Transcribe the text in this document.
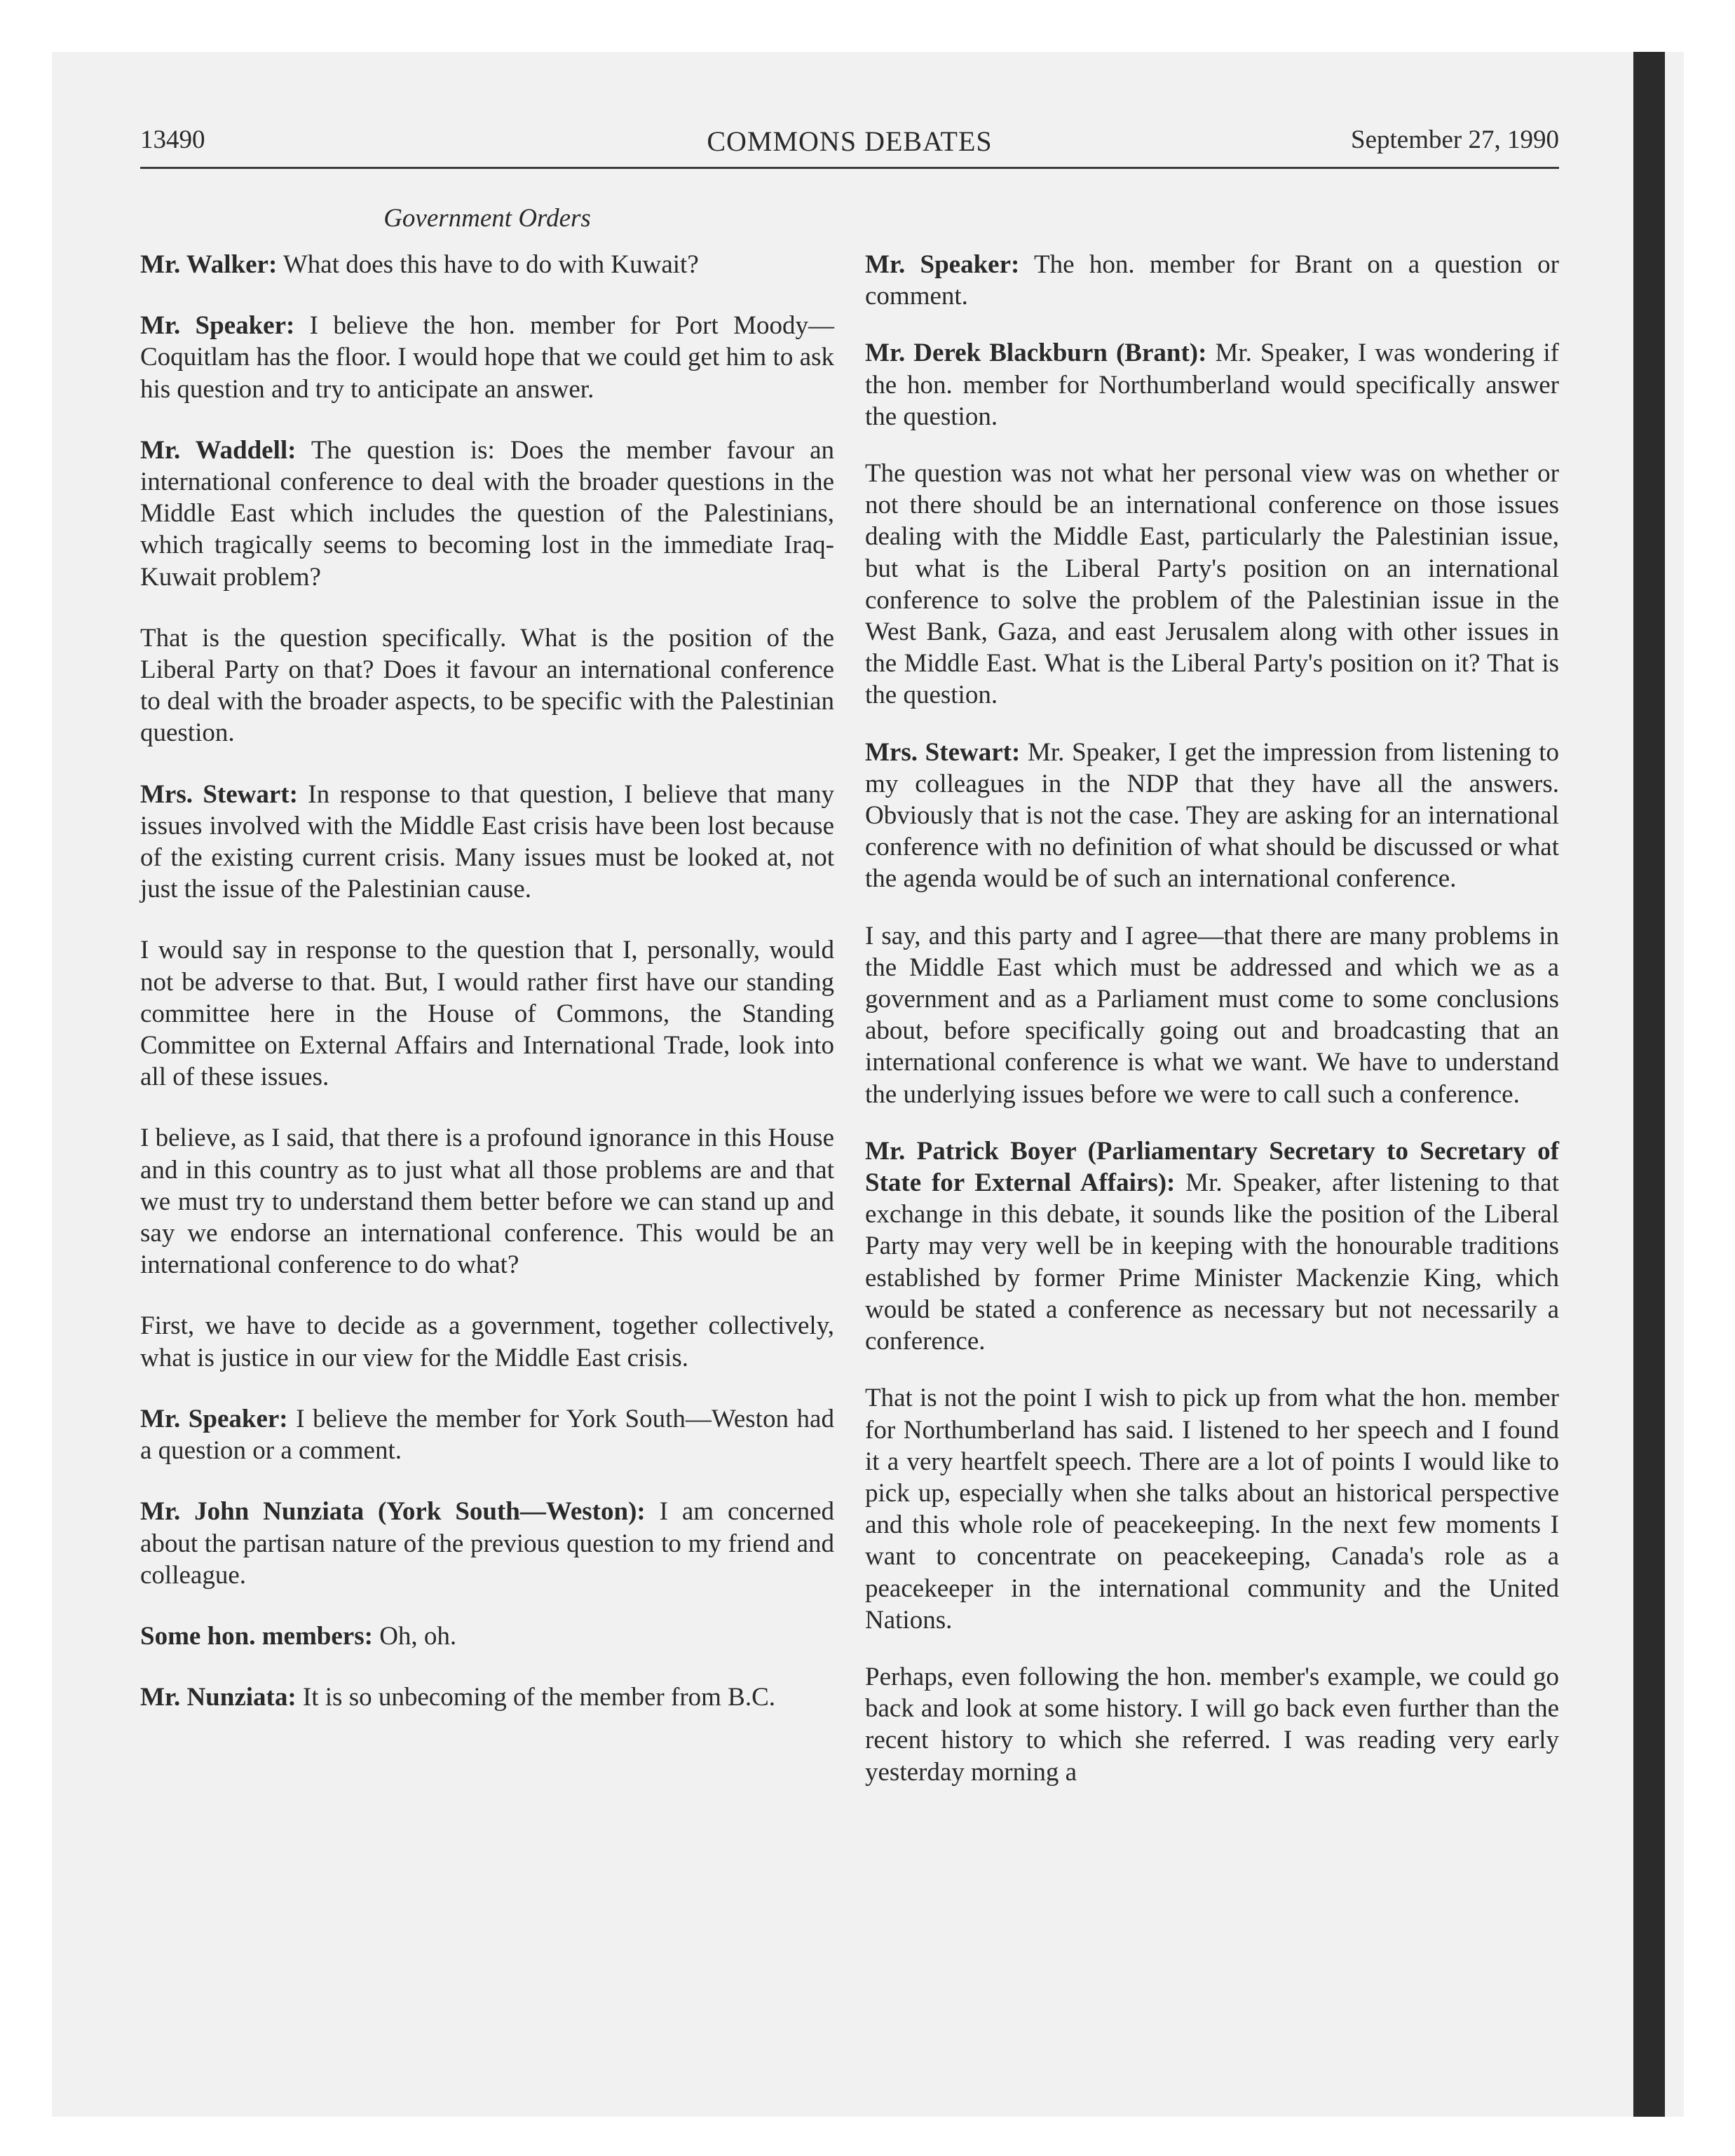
13490	COMMONS DEBATES	September 27, 1990
Government Orders

Mr. Walker: What does this have to do with Kuwait?

Mr. Speaker: I believe the hon. member for Port Moody—Coquitlam has the floor. I would hope that we could get him to ask his question and try to anticipate an answer.

Mr. Waddell: The question is: Does the member favour an international conference to deal with the broader questions in the Middle East which includes the question of the Palestinians, which tragically seems to becoming lost in the immediate Iraq-Kuwait problem?

That is the question specifically. What is the position of the Liberal Party on that? Does it favour an international conference to deal with the broader aspects, to be specific with the Palestinian question.

Mrs. Stewart: In response to that question, I believe that many issues involved with the Middle East crisis have been lost because of the existing current crisis. Many issues must be looked at, not just the issue of the Palestinian cause.

I would say in response to the question that I, personally, would not be adverse to that. But, I would rather first have our standing committee here in the House of Commons, the Standing Committee on External Affairs and International Trade, look into all of these issues.

I believe, as I said, that there is a profound ignorance in this House and in this country as to just what all those problems are and that we must try to understand them better before we can stand up and say we endorse an international conference. This would be an international conference to do what?

First, we have to decide as a government, together collectively, what is justice in our view for the Middle East crisis.

Mr. Speaker: I believe the member for York South—Weston had a question or a comment.

Mr. John Nunziata (York South—Weston): I am concerned about the partisan nature of the previous question to my friend and colleague.

Some hon. members: Oh, oh.

Mr. Nunziata: It is so unbecoming of the member from B.C.

Mr. Speaker: The hon. member for Brant on a question or comment.

Mr. Derek Blackburn (Brant): Mr. Speaker, I was wondering if the hon. member for Northumberland would specifically answer the question.

The question was not what her personal view was on whether or not there should be an international conference on those issues dealing with the Middle East, particularly the Palestinian issue, but what is the Liberal Party's position on an international conference to solve the problem of the Palestinian issue in the West Bank, Gaza, and east Jerusalem along with other issues in the Middle East. What is the Liberal Party's position on it? That is the question.

Mrs. Stewart: Mr. Speaker, I get the impression from listening to my colleagues in the NDP that they have all the answers. Obviously that is not the case. They are asking for an international conference with no definition of what should be discussed or what the agenda would be of such an international conference.

I say, and this party and I agree—that there are many problems in the Middle East which must be addressed and which we as a government and as a Parliament must come to some conclusions about, before specifically going out and broadcasting that an international conference is what we want. We have to understand the underlying issues before we were to call such a conference.

Mr. Patrick Boyer (Parliamentary Secretary to Secretary of State for External Affairs): Mr. Speaker, after listening to that exchange in this debate, it sounds like the position of the Liberal Party may very well be in keeping with the honourable traditions established by former Prime Minister Mackenzie King, which would be stated a conference as necessary but not necessarily a conference.

That is not the point I wish to pick up from what the hon. member for Northumberland has said. I listened to her speech and I found it a very heartfelt speech. There are a lot of points I would like to pick up, especially when she talks about an historical perspective and this whole role of peacekeeping. In the next few moments I want to concentrate on peacekeeping, Canada's role as a peacekeeper in the international community and the United Nations.

Perhaps, even following the hon. member's example, we could go back and look at some history. I will go back even further than the recent history to which she referred. I was reading very early yesterday morning a
